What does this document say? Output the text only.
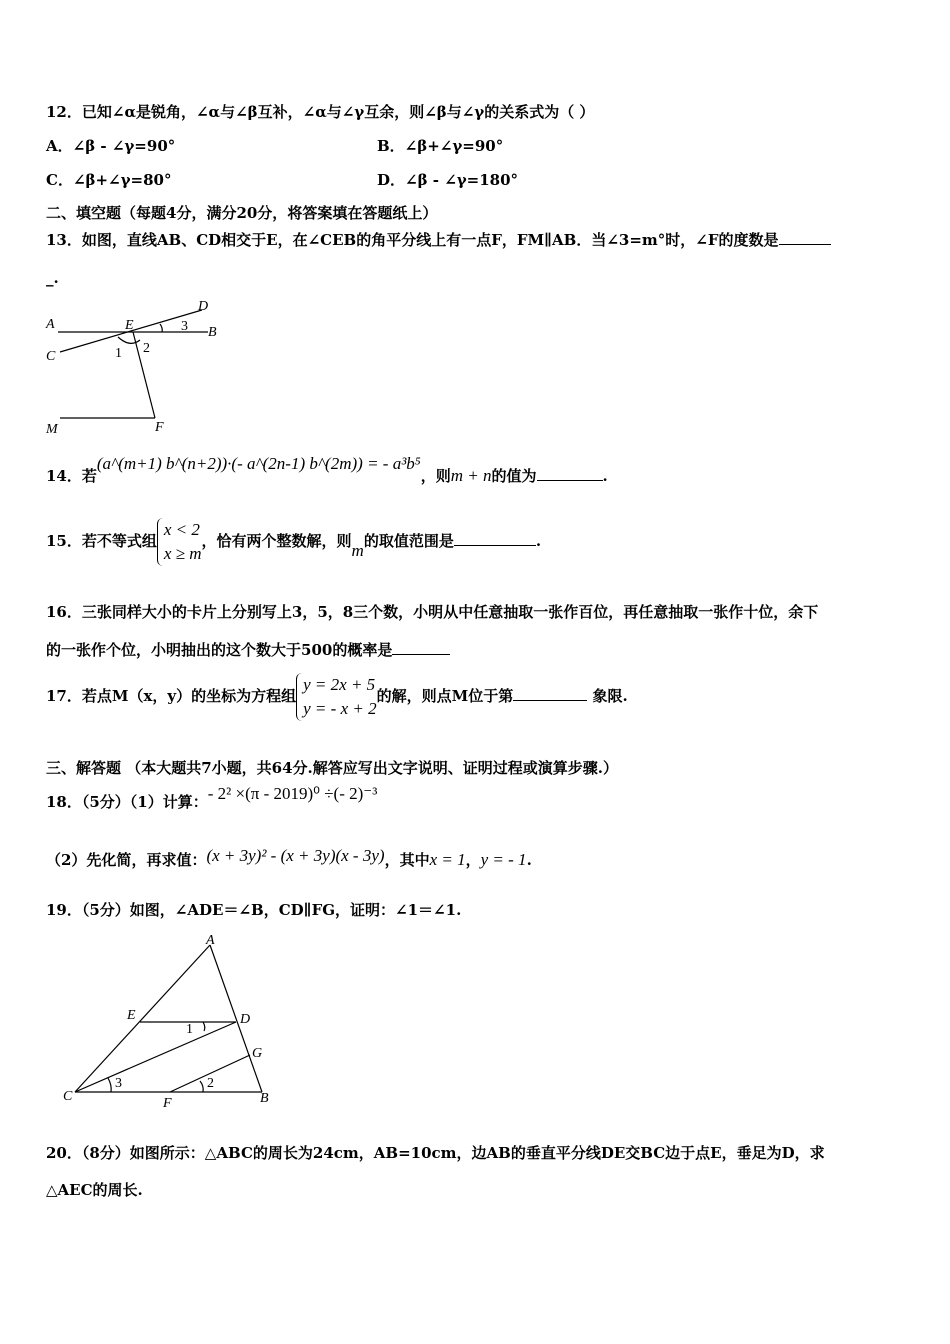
12．已知∠α是锐角，∠α与∠β互补，∠α与∠γ互余，则∠β与∠γ的关系式为（ ）
A．∠β - ∠γ=90°	B．∠β+∠γ=90°
C．∠β+∠γ=80°	D．∠β - ∠γ=180°
二、填空题（每题4分，满分20分，将答案填在答题纸上）
13．如图，直线AB、CD相交于E，在∠CEB的角平分线上有一点F，FM∥AB．当∠3=m°时，∠F的度数是
_.
A
B
C
D
E
F
M
1 2
3
14．若(a^(m+1) b^(n+2))·(- a^(2n-1) b^(2m)) = - a³b⁵，则m + n的值为	.
15．若不等式组x < 2
x ≥ m，恰有两个整数解，则m的取值范围是	.
16．三张同样大小的卡片上分别写上3，5，8三个数，小明从中任意抽取一张作百位，再任意抽取一张作十位，余下
的一张作个位，小明抽出的这个数大于500的概率是
17．若点M（x，y）的坐标为方程组y = 2x + 5
y = - x + 2的解，则点M位于第	象限.
三、解答题 （本大题共7小题，共64分.解答应写出文字说明、证明过程或演算步骤.）
18．（5分）（1）计算：- 2² ×(π - 2019)⁰ ÷(- 2)⁻³
（2）先化简，再求值：(x + 3y)² - (x + 3y)(x - 3y)，其中x = 1，y = - 1.
19．（5分）如图，∠ADE＝∠B，CD∥FG，证明：∠1＝∠1.
A
B
C
D
E
F
G
1
2
3
20．（8分）如图所示：△ABC的周长为24cm，AB=10cm，边AB的垂直平分线DE交BC边于点E，垂足为D，求
△AEC的周长.
